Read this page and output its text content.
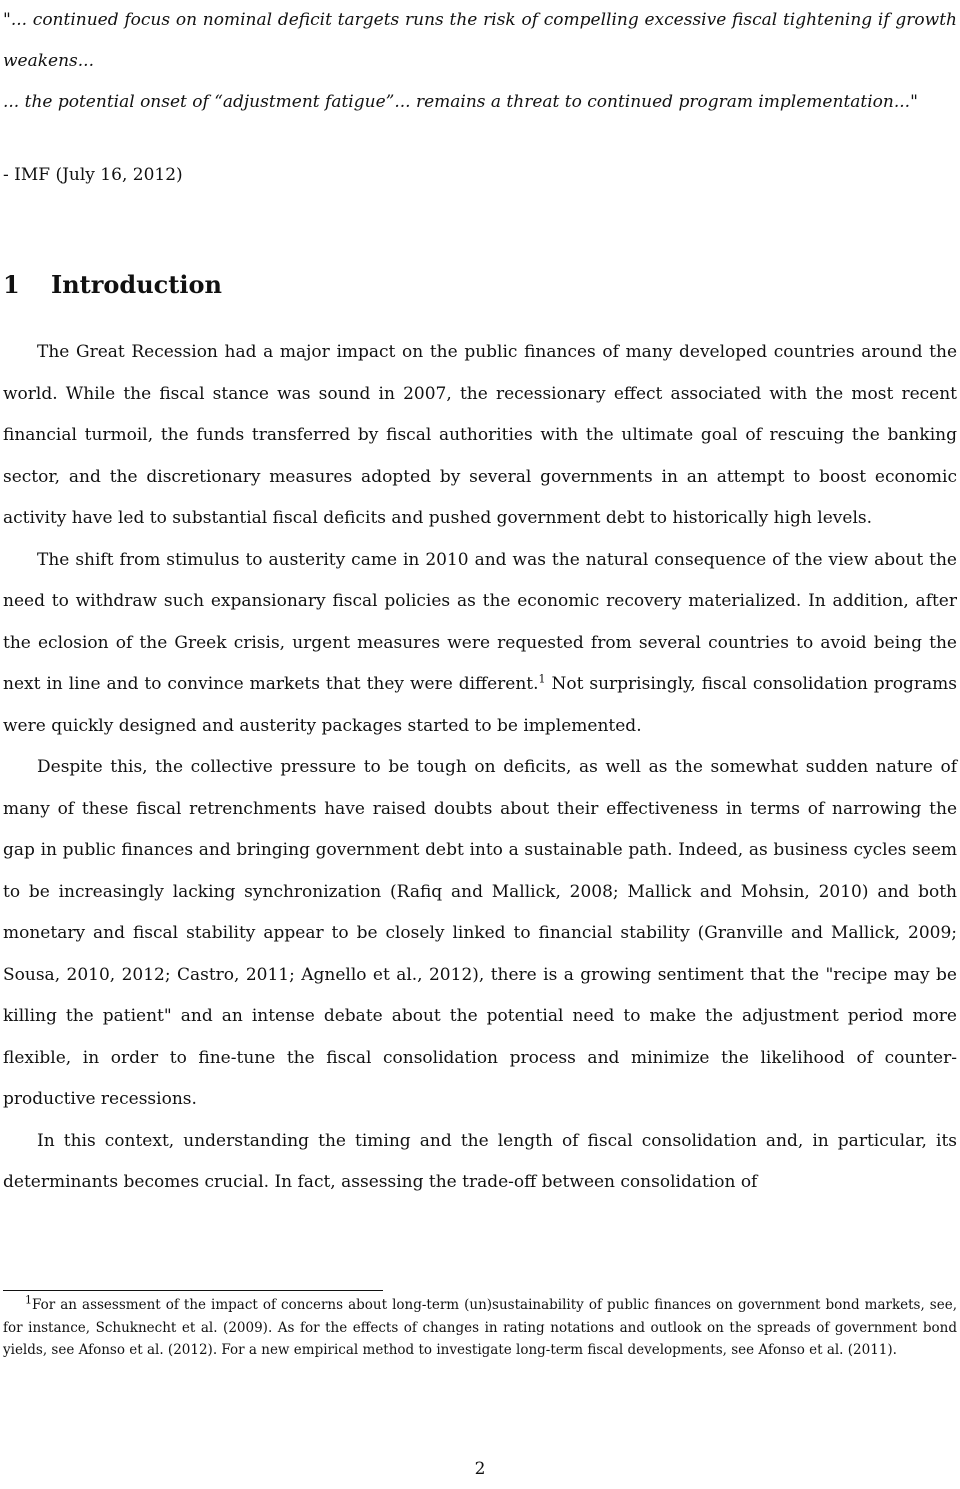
"... continued focus on nominal deficit targets runs the risk of compelling excessive fiscal tightening if growth weakens...

... the potential onset of “adjustment fatigue”... remains a threat to continued program implementation..."

- IMF (July 16, 2012)
1 Introduction

The Great Recession had a major impact on the public finances of many developed countries around the world. While the fiscal stance was sound in 2007, the recessionary effect associated with the most recent financial turmoil, the funds transferred by fiscal authorities with the ultimate goal of rescuing the banking sector, and the discretionary measures adopted by several governments in an attempt to boost economic activity have led to substantial fiscal deficits and pushed government debt to historically high levels.

The shift from stimulus to austerity came in 2010 and was the natural consequence of the view about the need to withdraw such expansionary fiscal policies as the economic recovery materialized. In addition, after the eclosion of the Greek crisis, urgent measures were requested from several countries to avoid being the next in line and to convince markets that they were different.$^1$ Not surprisingly, fiscal consolidation programs were quickly designed and austerity packages started to be implemented.

Despite this, the collective pressure to be tough on deficits, as well as the somewhat sudden nature of many of these fiscal retrenchments have raised doubts about their effectiveness in terms of narrowing the gap in public finances and bringing government debt into a sustainable path. Indeed, as business cycles seem to be increasingly lacking synchronization (Rafiq and Mallick, 2008; Mallick and Mohsin, 2010) and both monetary and fiscal stability appear to be closely linked to financial stability (Granville and Mallick, 2009; Sousa, 2010, 2012; Castro, 2011; Agnello et al., 2012), there is a growing sentiment that the "recipe may be killing the patient" and an intense debate about the potential need to make the adjustment period more flexible, in order to fine-tune the fiscal consolidation process and minimize the likelihood of counter-productive recessions.

In this context, understanding the timing and the length of fiscal consolidation and, in particular, its determinants becomes crucial. In fact, assessing the trade-off between consolidation of

$^1$For an assessment of the impact of concerns about long-term (un)sustainability of public finances on government bond markets, see, for instance, Schuknecht et al. (2009). As for the effects of changes in rating notations and outlook on the spreads of government bond yields, see Afonso et al. (2012). For a new empirical method to investigate long-term fiscal developments, see Afonso et al. (2011).

2
